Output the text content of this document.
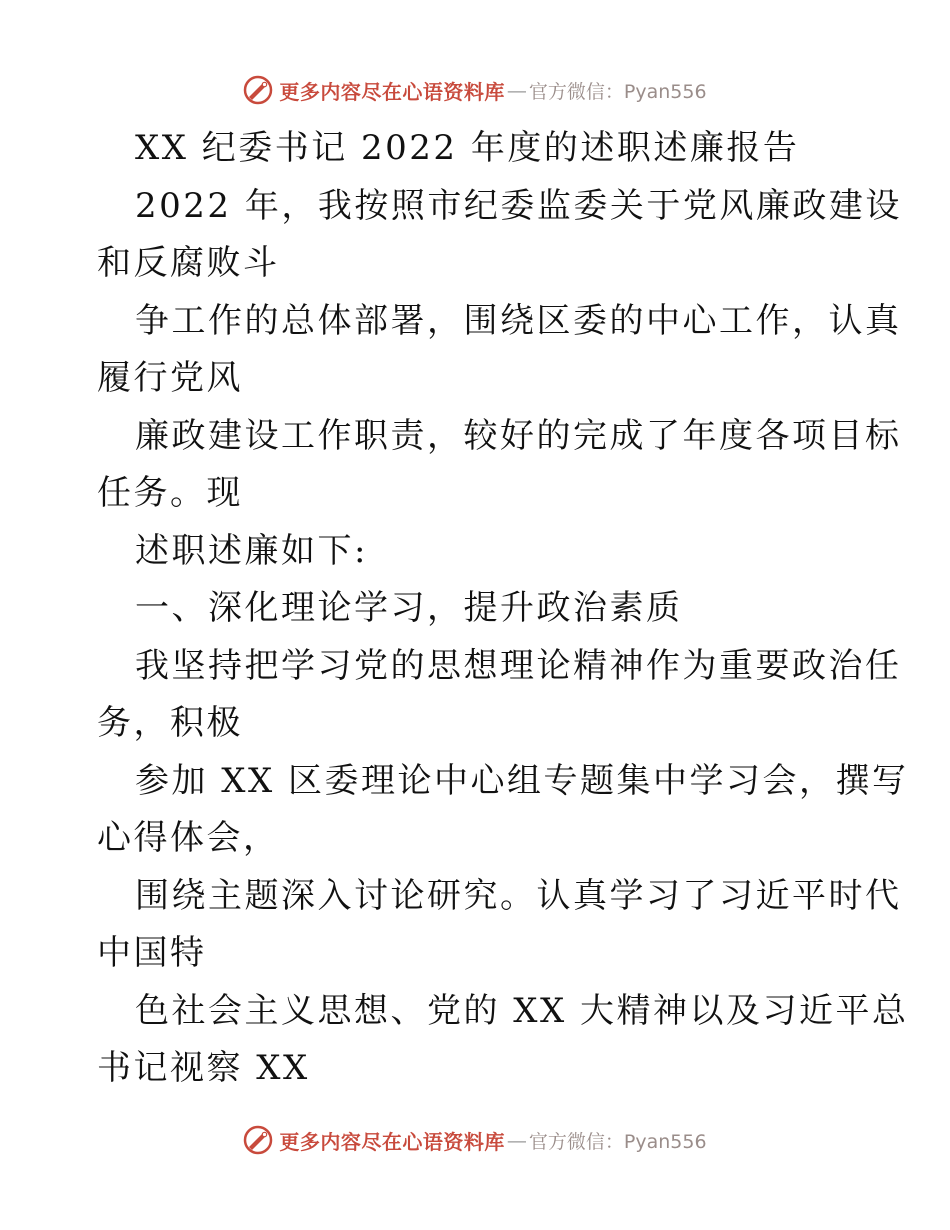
更多内容尽在心语资料库 — 官方微信：Pyan556
XX 纪委书记 2022 年度的述职述廉报告
2022 年，我按照市纪委监委关于党风廉政建设
和反腐败斗
争工作的总体部署，围绕区委的中心工作，认真
履行党风
廉政建设工作职责，较好的完成了年度各项目标
任务。现
述职述廉如下:
一、深化理论学习，提升政治素质
我坚持把学习党的思想理论精神作为重要政治任
务，积极
参加 XX 区委理论中心组专题集中学习会，撰写
心得体会，
围绕主题深入讨论研究。认真学习了习近平时代
中国特
色社会主义思想、党的 XX 大精神以及习近平总
书记视察 XX
更多内容尽在心语资料库 — 官方微信：Pyan556
